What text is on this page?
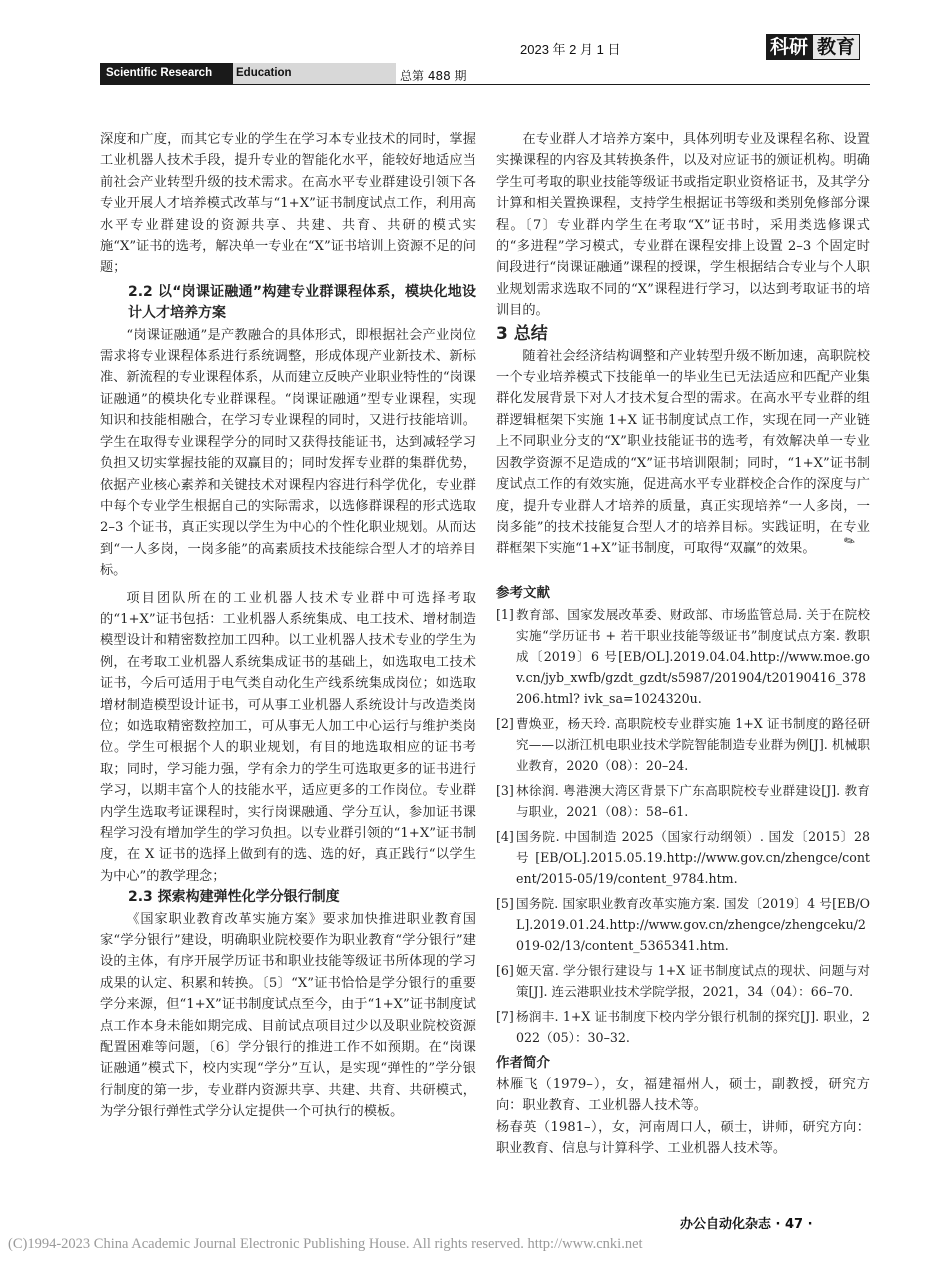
2023 年 2 月 1 日	科研 教育
Scientific Research	Education	总第 488 期

深度和广度，而其它专业的学生在学习本专业技术的同时，掌握工业机器人技术手段，提升专业的智能化水平，能较好地适应当前社会产业转型升级的技术需求。在高水平专业群建设引领下各专业开展人才培养模式改革与“1+X”证书制度试点工作，利用高水平专业群建设的资源共享、共建、共育、共研的模式实施“X”证书的选考，解决单一专业在“X”证书培训上资源不足的问题；

2.2 以“岗课证融通”构建专业群课程体系，模块化地设计人才培养方案

“岗课证融通”是产教融合的具体形式，即根据社会产业岗位需求将专业课程体系进行系统调整，形成体现产业新技术、新标准、新流程的专业课程体系，从而建立反映产业职业特性的“岗课证融通”的模块化专业群课程。“岗课证融通”型专业课程，实现知识和技能相融合，在学习专业课程的同时，又进行技能培训。学生在取得专业课程学分的同时又获得技能证书，达到减轻学习负担又切实掌握技能的双赢目的；同时发挥专业群的集群优势，依据产业核心素养和关键技术对课程内容进行科学优化，专业群中每个专业学生根据自己的实际需求，以选修群课程的形式选取 2–3 个证书，真正实现以学生为中心的个性化职业规划。从而达到“一人多岗，一岗多能”的高素质技术技能综合型人才的培养目标。

项目团队所在的工业机器人技术专业群中可选择考取的“1+X”证书包括：工业机器人系统集成、电工技术、增材制造模型设计和精密数控加工四种。以工业机器人技术专业的学生为例，在考取工业机器人系统集成证书的基础上，如选取电工技术证书，今后可适用于电气类自动化生产线系统集成岗位；如选取增材制造模型设计证书，可从事工业机器人系统设计与改造类岗位；如选取精密数控加工，可从事无人加工中心运行与维护类岗位。学生可根据个人的职业规划，有目的地选取相应的证书考取；同时，学习能力强，学有余力的学生可选取更多的证书进行学习，以期丰富个人的技能水平，适应更多的工作岗位。专业群内学生选取考证课程时，实行岗课融通、学分互认，参加证书课程学习没有增加学生的学习负担。以专业群引领的“1+X”证书制度，在 X 证书的选择上做到有的选、选的好，真正践行“以学生为中心”的教学理念；

2.3 探索构建弹性化学分银行制度

《国家职业教育改革实施方案》要求加快推进职业教育国家“学分银行”建设，明确职业院校要作为职业教育“学分银行”建设的主体，有序开展学历证书和职业技能等级证书所体现的学习成果的认定、积累和转换。〔5〕“X”证书恰恰是学分银行的重要学分来源，但“1+X”证书制度试点至今，由于“1+X”证书制度试点工作本身未能如期完成、目前试点项目过少以及职业院校资源配置困难等问题，〔6〕学分银行的推进工作不如预期。在“岗课证融通”模式下，校内实现“学分”互认，是实现“弹性的”学分银行制度的第一步，专业群内资源共享、共建、共育、共研模式，为学分银行弹性式学分认定提供一个可执行的模板。

在专业群人才培养方案中，具体列明专业及课程名称、设置实操课程的内容及其转换条件，以及对应证书的颁证机构。明确学生可考取的职业技能等级证书或指定职业资格证书，及其学分计算和相关置换课程，支持学生根据证书等级和类别免修部分课程。〔7〕专业群内学生在考取“X”证书时，采用类选修课式的“多进程”学习模式，专业群在课程安排上设置 2–3 个固定时间段进行“岗课证融通”课程的授课，学生根据结合专业与个人职业规划需求选取不同的“X”课程进行学习，以达到考取证书的培训目的。

3 总结

随着社会经济结构调整和产业转型升级不断加速，高职院校一个专业培养模式下技能单一的毕业生已无法适应和匹配产业集群化发展背景下对人才技术复合型的需求。在高水平专业群的组群逻辑框架下实施 1+X 证书制度试点工作，实现在同一产业链上不同职业分支的“X”职业技能证书的选考，有效解决单一专业因教学资源不足造成的“X”证书培训限制；同时，“1+X”证书制度试点工作的有效实施，促进高水平专业群校企合作的深度与广度，提升专业群人才培养的质量，真正实现培养“一人多岗，一岗多能”的技术技能复合型人才的培养目标。实践证明，在专业群框架下实施“1+X”证书制度，可取得“双赢”的效果。 ✎

参考文献

[1] 教育部、国家发展改革委、财政部、市场监管总局. 关于在院校实施“学历证书 + 若干职业技能等级证书”制度试点方案. 教职成〔2019〕6 号[EB/OL].2019.04.04.http://www.moe.gov.cn/jyb_xwfb/gzdt_gzdt/s5987/201904/t20190416_378206.html? ivk_sa=1024320u.
[2] 曹焕亚，杨天玲. 高职院校专业群实施 1+X 证书制度的路径研究——以浙江机电职业技术学院智能制造专业群为例[J]. 机械职业教育，2020（08）：20–24.
[3] 林徐润. 粤港澳大湾区背景下广东高职院校专业群建设[J]. 教育与职业，2021（08）：58–61.
[4] 国务院. 中国制造 2025（国家行动纲领）. 国发〔2015〕28 号[EB/OL].2015.05.19.http://www.gov.cn/zhengce/content/2015-05/19/content_9784.htm.
[5] 国务院. 国家职业教育改革实施方案. 国发〔2019〕4 号[EB/OL].2019.01.24.http://www.gov.cn/zhengce/zhengceku/2019-02/13/content_5365341.htm.
[6] 姬天富. 学分银行建设与 1+X 证书制度试点的现状、问题与对策[J]. 连云港职业技术学院学报，2021，34（04）：66–70.
[7] 杨润丰. 1+X 证书制度下校内学分银行机制的探究[J]. 职业，2022（05）：30–32.

作者简介

林雁飞（1979–），女，福建福州人，硕士，副教授，研究方向：职业教育、工业机器人技术等。

杨春英（1981–），女，河南周口人，硕士，讲师，研究方向：职业教育、信息与计算科学、工业机器人技术等。

办公自动化杂志 · 47 ·
(C)1994-2023 China Academic Journal Electronic Publishing House. All rights reserved. http://www.cnki.net
